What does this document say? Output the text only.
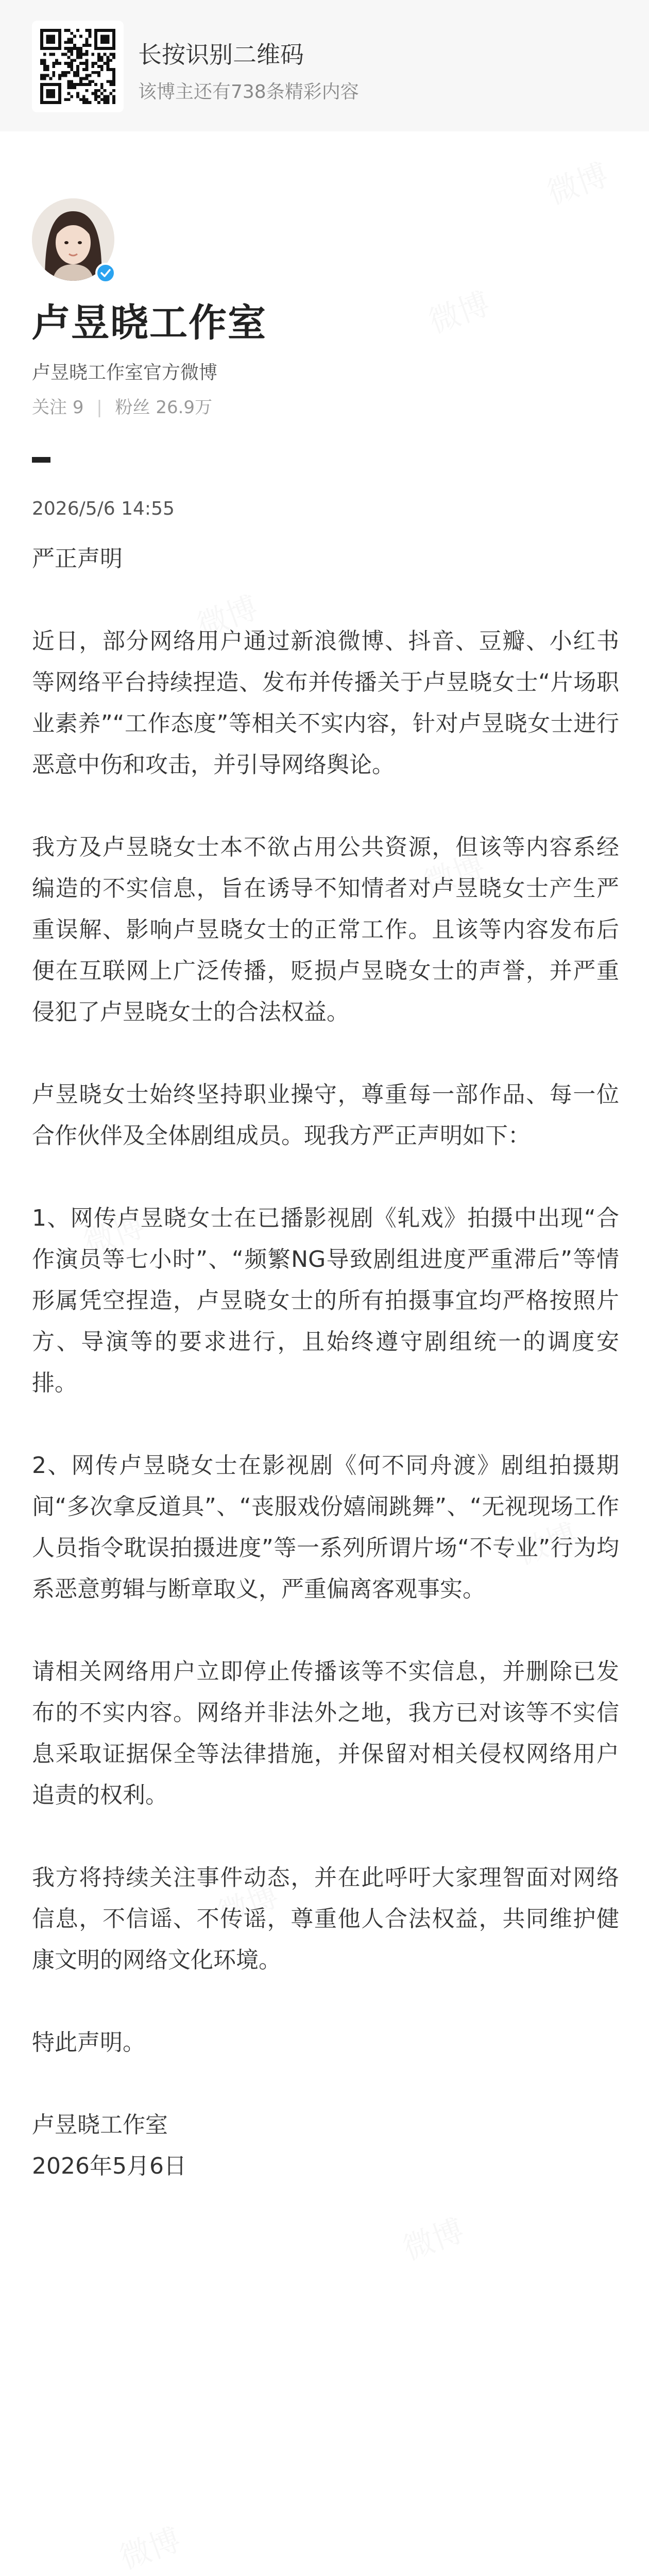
长按识别二维码
该博主还有738条精彩内容
卢昱晓工作室
卢昱晓工作室官方微博
关注 9 | 粉丝 26.9万
2026/5/6 14:55

严正声明

近日，部分网络用户通过新浪微博、抖音、豆瓣、小红书等网络平台持续捏造、发布并传播关于卢昱晓女士“片场职业素养”“工作态度”等相关不实内容，针对卢昱晓女士进行恶意中伤和攻击，并引导网络舆论。

我方及卢昱晓女士本不欲占用公共资源，但该等内容系经编造的不实信息，旨在诱导不知情者对卢昱晓女士产生严重误解、影响卢昱晓女士的正常工作。且该等内容发布后便在互联网上广泛传播，贬损卢昱晓女士的声誉，并严重侵犯了卢昱晓女士的合法权益。

卢昱晓女士始终坚持职业操守，尊重每一部作品、每一位合作伙伴及全体剧组成员。现我方严正声明如下：

1、网传卢昱晓女士在已播影视剧《轧戏》拍摄中出现“合作演员等七小时”、“频繁NG导致剧组进度严重滞后”等情形属凭空捏造，卢昱晓女士的所有拍摄事宜均严格按照片方、导演等的要求进行，且始终遵守剧组统一的调度安排。

2、网传卢昱晓女士在影视剧《何不同舟渡》剧组拍摄期间“多次拿反道具”、“丧服戏份嬉闹跳舞”、“无视现场工作人员指令耽误拍摄进度”等一系列所谓片场“不专业”行为均系恶意剪辑与断章取义，严重偏离客观事实。

请相关网络用户立即停止传播该等不实信息，并删除已发布的不实内容。网络并非法外之地，我方已对该等不实信息采取证据保全等法律措施，并保留对相关侵权网络用户追责的权利。

我方将持续关注事件动态，并在此呼吁大家理智面对网络信息，不信谣、不传谣，尊重他人合法权益，共同维护健康文明的网络文化环境。

特此声明。

卢昱晓工作室

2026年5月6日
